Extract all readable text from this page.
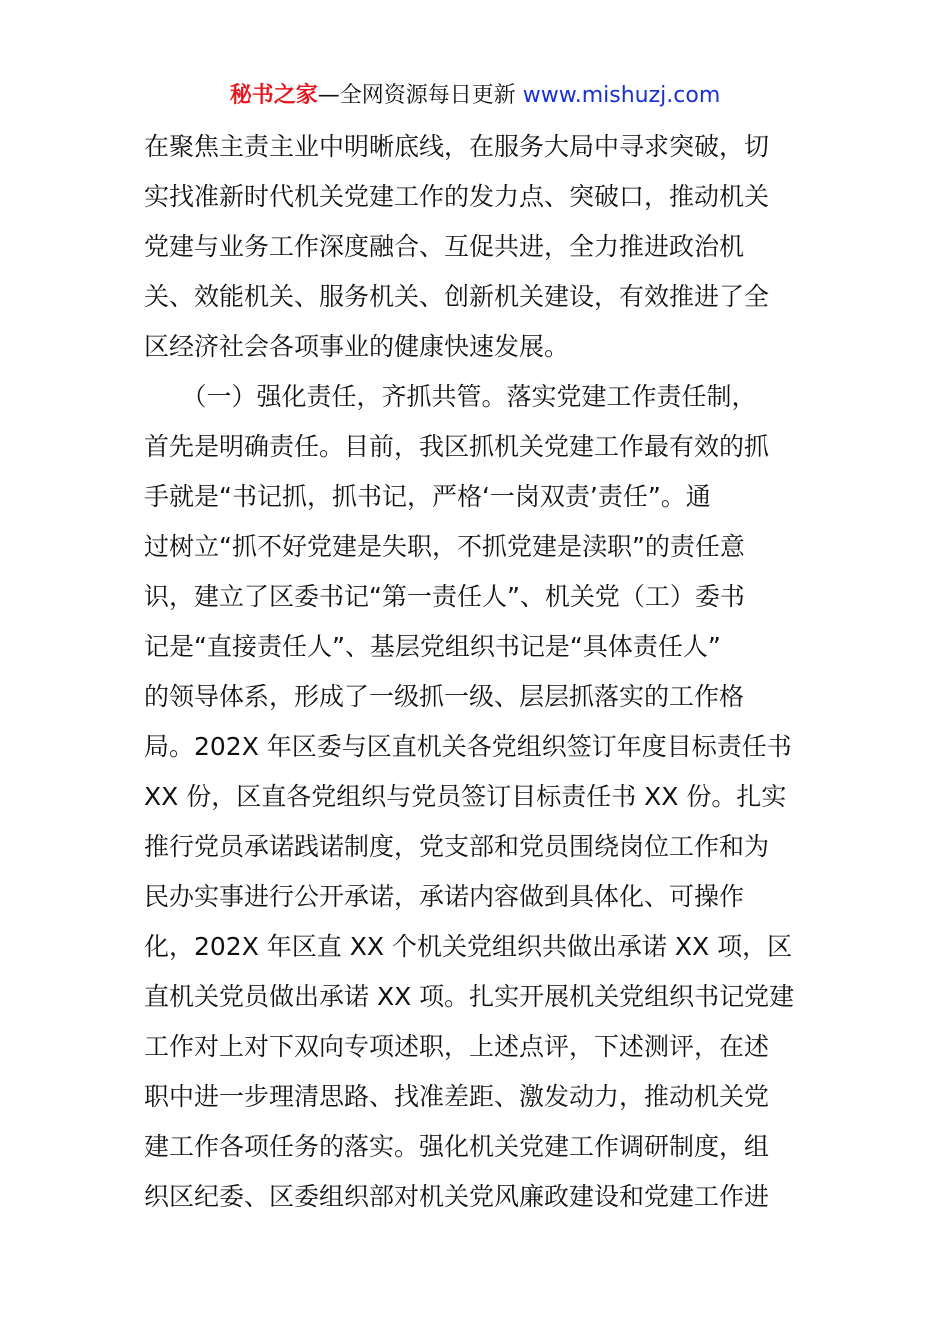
秘书之家—全网资源每日更新 www.mishuzj.com
在聚焦主责主业中明晰底线，在服务大局中寻求突破，切
实找准新时代机关党建工作的发力点、突破口，推动机关
党建与业务工作深度融合、互促共进，全力推进政治机
关、效能机关、服务机关、创新机关建设，有效推进了全
区经济社会各项事业的健康快速发展。
　　（一）强化责任，齐抓共管。落实党建工作责任制，
首先是明确责任。目前，我区抓机关党建工作最有效的抓
手就是“书记抓，抓书记，严格‘一岗双责’责任”。通
过树立“抓不好党建是失职，不抓党建是渎职”的责任意
识，建立了区委书记“第一责任人”、机关党（工）委书
记是“直接责任人”、基层党组织书记是“具体责任人”
的领导体系，形成了一级抓一级、层层抓落实的工作格
局。202X 年区委与区直机关各党组织签订年度目标责任书
XX 份，区直各党组织与党员签订目标责任书 XX 份。扎实
推行党员承诺践诺制度，党支部和党员围绕岗位工作和为
民办实事进行公开承诺，承诺内容做到具体化、可操作
化，202X 年区直 XX 个机关党组织共做出承诺 XX 项，区
直机关党员做出承诺 XX 项。扎实开展机关党组织书记党建
工作对上对下双向专项述职，上述点评，下述测评，在述
职中进一步理清思路、找准差距、激发动力，推动机关党
建工作各项任务的落实。强化机关党建工作调研制度，组
织区纪委、区委组织部对机关党风廉政建设和党建工作进
